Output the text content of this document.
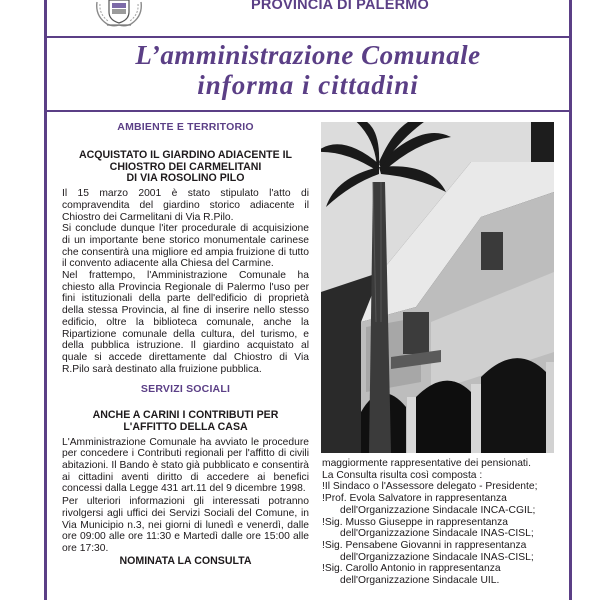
PROVINCIA DI PALERMO
L’amministrazione Comunale
informa i cittadini
AMBIENTE E TERRITORIO
ACQUISTATO IL GIARDINO ADIACENTE IL
CHIOSTRO DEI CARMELITANI
DI VIA ROSOLINO PILO

Il 15 marzo 2001 è stato stipulato l'atto di compravendita del giardino storico adiacente il Chiostro dei Carmelitani di Via R.Pilo.

Si conclude dunque l'iter procedurale di acquisizione di un importante bene storico monumentale carinese che consentirà una migliore ed ampia fruizione di tutto il convento adiacente alla Chiesa del Carmine.

Nel frattempo, l'Amministrazione Comunale ha chiesto alla Provincia Regionale di Palermo l'uso per fini istituzionali della parte dell'edificio di proprietà della stessa Provincia, al fine di inserire nello stesso edificio, oltre la biblioteca comunale, anche la Ripartizione comunale della cultura, del turismo, e della pubblica istruzione. Il giardino acquistato al quale si accede direttamente dal Chiostro di Via R.Pilo sarà destinato alla fruizione pubblica.

SERVIZI SOCIALI
ANCHE A CARINI I CONTRIBUTI PER
L'AFFITTO DELLA CASA

L'Amministrazione Comunale ha avviato le procedure per concedere i Contributi regionali per l'affitto di civili abitazioni. Il Bando è stato già pubblicato e consentirà ai cittadini aventi diritto di accedere ai benefici concessi dalla Legge 431 art.11 del 9 dicembre 1998.

Per ulteriori informazioni gli interessati potranno rivolgersi agli uffici dei Servizi Sociali del Comune, in Via Municipio n.3, nei giorni di lunedì e venerdì, dalle ore 09:00 alle ore 11:30 e Martedì dalle ore 15:00 alle ore 17:30.

NOMINATA LA CONSULTA

maggiormente rappresentative dei pensionati.

La Consulta risulta così composta :

!Il Sindaco o l'Assessore delegato - Presidente;

!Prof. Evola Salvatore in rappresentanza
dell'Organizzazione Sindacale INCA-CGIL;

!Sig. Musso Giuseppe in rappresentanza
dell'Organizzazione Sindacale INAS-CISL;

!Sig. Pensabene Giovanni in rappresentanza
dell'Organizzazione Sindacale INAS-CISL;

!Sig. Carollo Antonio in rappresentanza
dell'Organizzazione Sindacale UIL.
